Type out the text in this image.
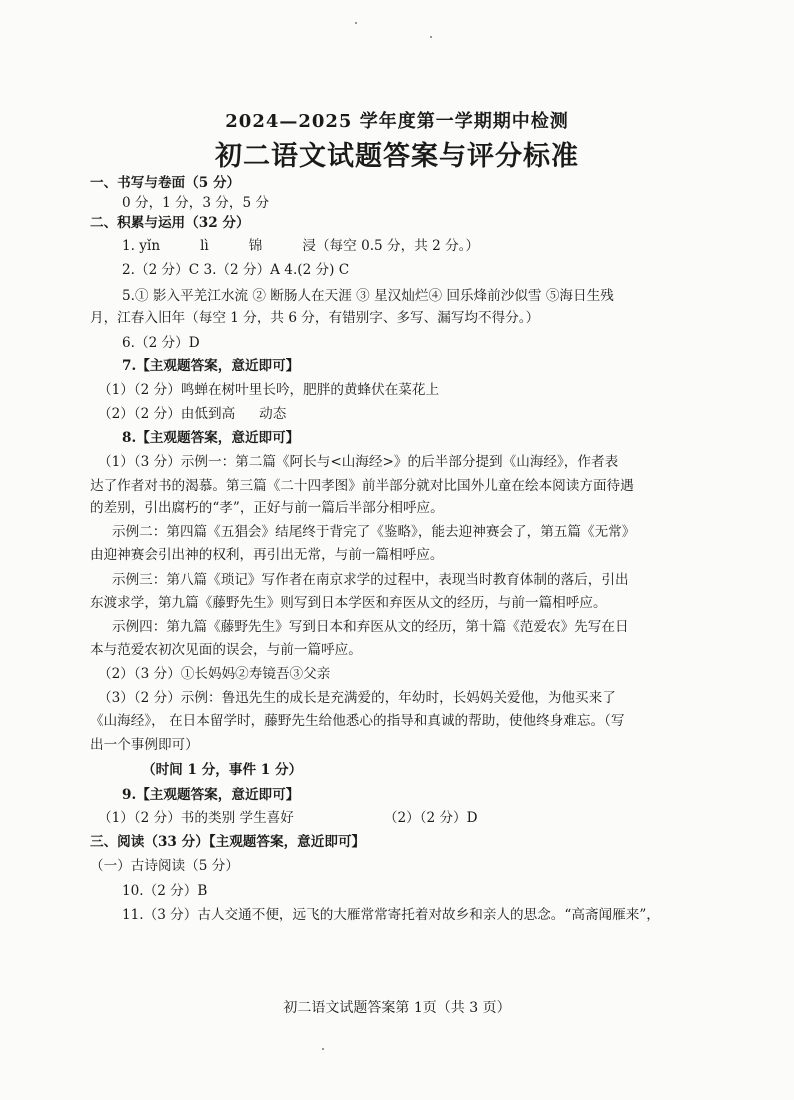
2024—2025 学年度第一学期期中检测
初二语文试题答案与评分标准
一、书写与卷面（5 分）
0 分，1 分，3 分，5 分
二、积累与运用（32 分）
1. yǐn	lì	锦	浸（每空 0.5 分，共 2 分。）
2.（2 分）C 3.（2 分）A 4.(2 分) C
5.① 影入平羌江水流 ② 断肠人在天涯 ③ 星汉灿烂④ 回乐烽前沙似雪 ⑤海日生残
月，江春入旧年（每空 1 分，共 6 分，有错别字、多写、漏写均不得分。）
6.（2 分）D
7.【主观题答案，意近即可】
（1）（2 分）鸣蝉在树叶里长吟，肥胖的黄蜂伏在菜花上
（2）（2 分）由低到高 动态
8.【主观题答案，意近即可】
（1）（3 分）示例一：第二篇《阿长与<山海经>》的后半部分提到《山海经》，作者表
达了作者对书的渴慕。第三篇《二十四孝图》前半部分就对比国外儿童在绘本阅读方面待遇
的差别，引出腐朽的“孝”，正好与前一篇后半部分相呼应。
示例二：第四篇《五猖会》结尾终于背完了《鉴略》，能去迎神赛会了，第五篇《无常》
由迎神赛会引出神的权利，再引出无常，与前一篇相呼应。
示例三：第八篇《琐记》写作者在南京求学的过程中，表现当时教育体制的落后，引出
东渡求学，第九篇《藤野先生》则写到日本学医和弃医从文的经历，与前一篇相呼应。
示例四：第九篇《藤野先生》写到日本和弃医从文的经历，第十篇《范爱农》先写在日
本与范爱农初次见面的误会，与前一篇呼应。
（2）（3 分）①长妈妈②寿镜吾③父亲
（3）（2 分）示例：鲁迅先生的成长是充满爱的，年幼时，长妈妈关爱他，为他买来了
《山海经》， 在日本留学时，藤野先生给他悉心的指导和真诚的帮助，使他终身难忘。（写
出一个事例即可）
（时间 1 分，事件 1 分）
9.【主观题答案，意近即可】
（1）（2 分）书的类别 学生喜好	（2）（2 分）D
三、阅读（33 分）【主观题答案，意近即可】
（一）古诗阅读（5 分）
10.（2 分）B
11.（3 分）古人交通不便，远飞的大雁常常寄托着对故乡和亲人的思念。“高斋闻雁来”，
初二语文试题答案第 1页（共 3 页）
